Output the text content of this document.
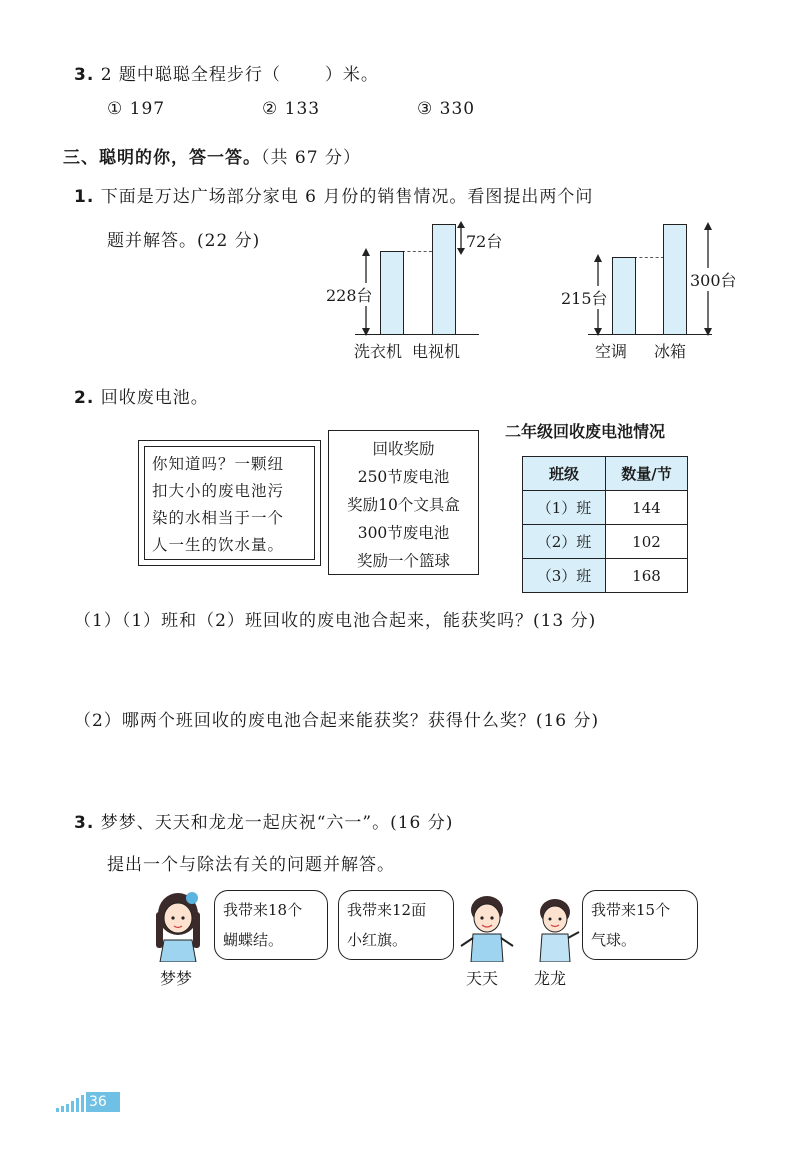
3. 2 题中聪聪全程步行（	）米。
① 197	② 133	③ 330
三、聪明的你，答一答。（共 67 分）
1. 下面是万达广场部分家电 6 月份的销售情况。看图提出两个问
题并解答。(22 分)
228台
72台
洗衣机 电视机
215台
300台
空调 冰箱
2. 回收废电池。
你知道吗？一颗纽
扣大小的废电池污
染的水相当于一个
人一生的饮水量。
回收奖励
250节废电池
奖励10个文具盒
300节废电池
奖励一个篮球
二年级回收废电池情况
班级	数量/节
（1）班	144
（2）班	102
（3）班	168
（1）（1）班和（2）班回收的废电池合起来，能获奖吗？(13 分)
（2）哪两个班回收的废电池合起来能获奖？获得什么奖？(16 分)
3. 梦梦、天天和龙龙一起庆祝“六一”。(16 分)
提出一个与除法有关的问题并解答。
梦梦
我带来18个
蝴蝶结。
我带来12面
小红旗。
天天 龙龙
我带来15个
气球。
36
